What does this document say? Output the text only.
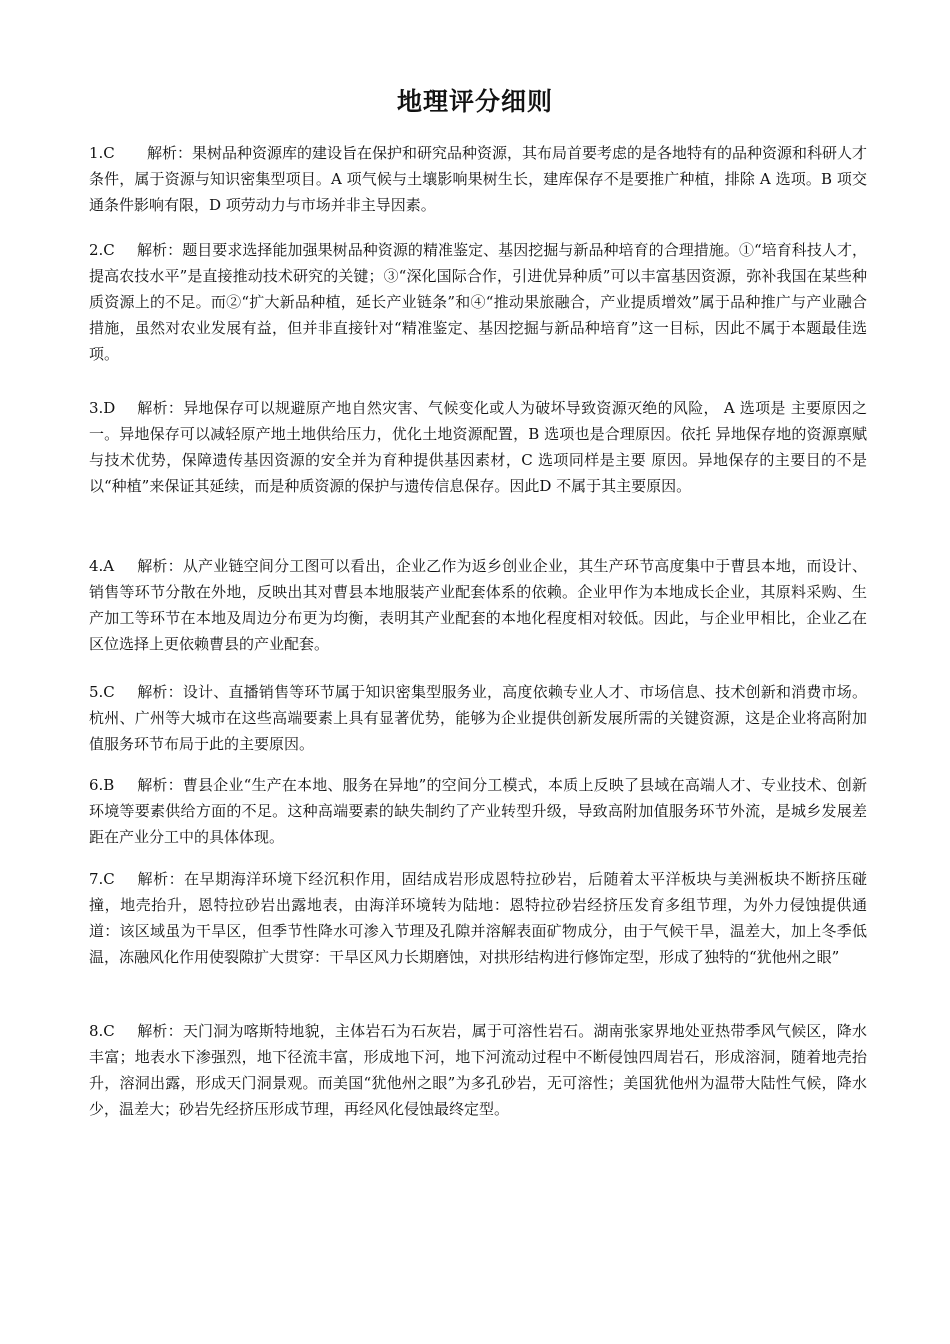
地理评分细则

1.C 解析：果树品种资源库的建设旨在保护和研究品种资源，其布局首要考虑的是各地特有的品种资源和科研人才条件，属于资源与知识密集型项目。A 项气候与土壤影响果树生长，建库保存不是要推广种植，排除 A 选项。B 项交通条件影响有限，D 项劳动力与市场并非主导因素。

2.C 解析：题目要求选择能加强果树品种资源的精准鉴定、基因挖掘与新品种培育的合理措施。①“培育科技人才，提高农技水平”是直接推动技术研究的关键；③“深化国际合作，引进优异种质”可以丰富基因资源，弥补我国在某些种质资源上的不足。而②“扩大新品种植，延长产业链条”和④“推动果旅融合，产业提质增效”属于品种推广与产业融合措施，虽然对农业发展有益，但并非直接针对“精准鉴定、基因挖掘与新品种培育”这一目标，因此不属于本题最佳选项。

3.D 解析：异地保存可以规避原产地自然灾害、气候变化或人为破坏导致资源灭绝的风险， A 选项是 主要原因之一。异地保存可以减轻原产地土地供给压力，优化土地资源配置，B 选项也是合理原因。依托 异地保存地的资源禀赋与技术优势，保障遗传基因资源的安全并为育种提供基因素材，C 选项同样是主要 原因。异地保存的主要目的不是以“种植”来保证其延续，而是种质资源的保护与遗传信息保存。因此D 不属于其主要原因。

4.A 解析：从产业链空间分工图可以看出，企业乙作为返乡创业企业，其生产环节高度集中于曹县本地，而设计、销售等环节分散在外地，反映出其对曹县本地服装产业配套体系的依赖。企业甲作为本地成长企业，其原料采购、生产加工等环节在本地及周边分布更为均衡，表明其产业配套的本地化程度相对较低。因此，与企业甲相比，企业乙在区位选择上更依赖曹县的产业配套。

5.C 解析：设计、直播销售等环节属于知识密集型服务业，高度依赖专业人才、市场信息、技术创新和消费市场。杭州、广州等大城市在这些高端要素上具有显著优势，能够为企业提供创新发展所需的关键资源，这是企业将高附加值服务环节布局于此的主要原因。

6.B 解析：曹县企业“生产在本地、服务在异地”的空间分工模式，本质上反映了县域在高端人才、专业技术、创新环境等要素供给方面的不足。这种高端要素的缺失制约了产业转型升级，导致高附加值服务环节外流，是城乡发展差距在产业分工中的具体体现。

7.C 解析：在早期海洋环境下经沉积作用，固结成岩形成恩特拉砂岩，后随着太平洋板块与美洲板块不断挤压碰撞，地壳抬升，恩特拉砂岩出露地表，由海洋环境转为陆地：恩特拉砂岩经挤压发育多组节理，为外力侵蚀提供通道：该区域虽为干旱区，但季节性降水可渗入节理及孔隙并溶解表面矿物成分，由于气候干旱，温差大，加上冬季低温，冻融风化作用使裂隙扩大贯穿：干旱区风力长期磨蚀，对拱形结构进行修饰定型，形成了独特的“犹他州之眼”

8.C 解析：天门洞为喀斯特地貌，主体岩石为石灰岩，属于可溶性岩石。湖南张家界地处亚热带季风气候区，降水丰富；地表水下渗强烈，地下径流丰富，形成地下河，地下河流动过程中不断侵蚀四周岩石，形成溶洞，随着地壳抬升，溶洞出露，形成天门洞景观。而美国“犹他州之眼”为多孔砂岩，无可溶性；美国犹他州为温带大陆性气候，降水少，温差大；砂岩先经挤压形成节理，再经风化侵蚀最终定型。
